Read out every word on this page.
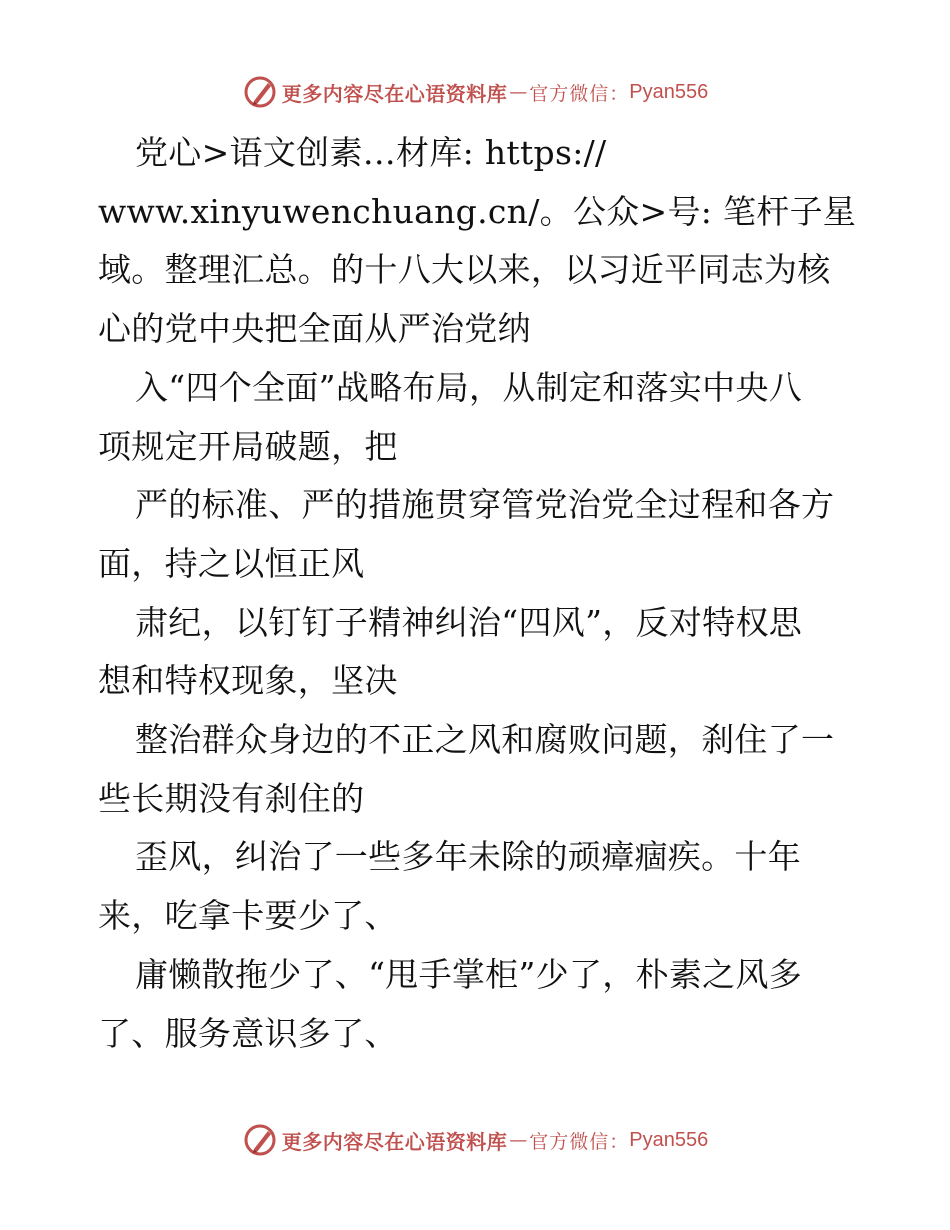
更多内容尽在心语资料库 — 官方微信： Pyan556

党心>语文创素…材库: https://

www.xinyuwenchuang.cn/。公众>号: 笔杆子星

域。整理汇总。的十八大以来，以习近平同志为核

心的党中央把全面从严治党纳

入“四个全面”战略布局，从制定和落实中央八

项规定开局破题，把

严的标准、严的措施贯穿管党治党全过程和各方

面，持之以恒正风

肃纪，以钉钉子精神纠治“四风”，反对特权思

想和特权现象，坚决

整治群众身边的不正之风和腐败问题，刹住了一

些长期没有刹住的

歪风，纠治了一些多年未除的顽瘴痼疾。十年

来，吃拿卡要少了、

庸懒散拖少了、“甩手掌柜”少了，朴素之风多

了、服务意识多了、

更多内容尽在心语资料库 — 官方微信： Pyan556
